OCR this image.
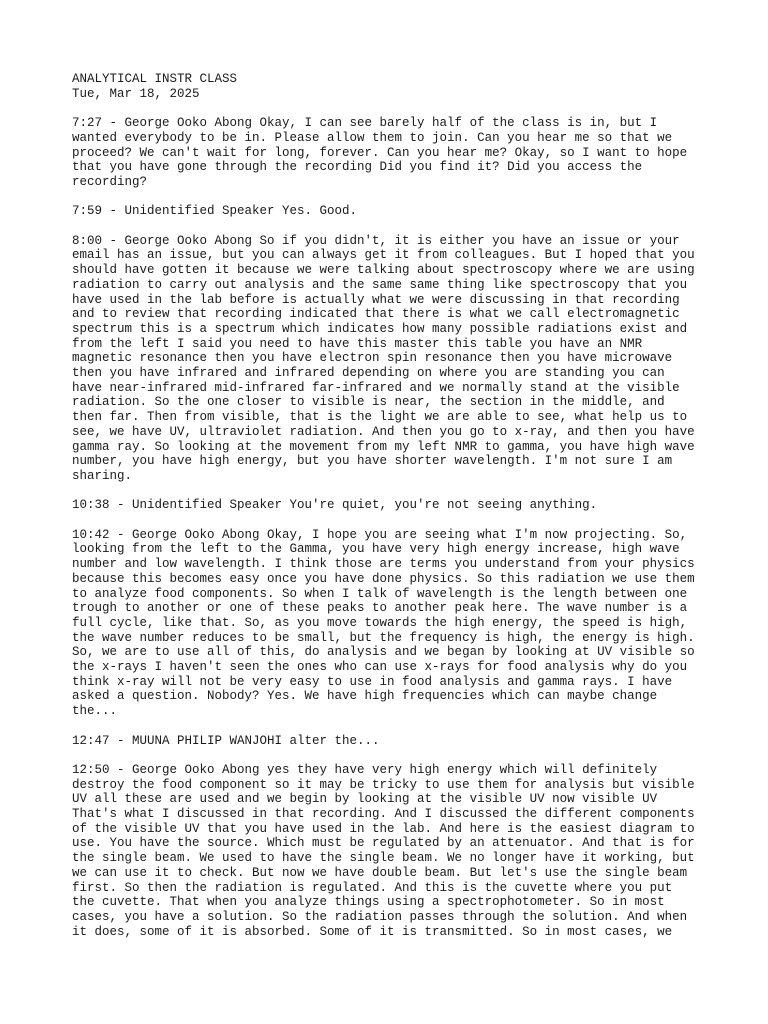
ANALYTICAL INSTR CLASS
Tue, Mar 18, 2025
7:27 - George Ooko Abong Okay, I can see barely half of the class is in, but I
wanted everybody to be in. Please allow them to join. Can you hear me so that we
proceed? We can't wait for long, forever. Can you hear me? Okay, so I want to hope
that you have gone through the recording Did you find it? Did you access the
recording?
7:59 - Unidentified Speaker Yes. Good.
8:00 - George Ooko Abong So if you didn't, it is either you have an issue or your
email has an issue, but you can always get it from colleagues. But I hoped that you
should have gotten it because we were talking about spectroscopy where we are using
radiation to carry out analysis and the same same thing like spectroscopy that you
have used in the lab before is actually what we were discussing in that recording
and to review that recording indicated that there is what we call electromagnetic
spectrum this is a spectrum which indicates how many possible radiations exist and
from the left I said you need to have this master this table you have an NMR
magnetic resonance then you have electron spin resonance then you have microwave
then you have infrared and infrared depending on where you are standing you can
have near-infrared mid-infrared far-infrared and we normally stand at the visible
radiation. So the one closer to visible is near, the section in the middle, and
then far. Then from visible, that is the light we are able to see, what help us to
see, we have UV, ultraviolet radiation. And then you go to x-ray, and then you have
gamma ray. So looking at the movement from my left NMR to gamma, you have high wave
number, you have high energy, but you have shorter wavelength. I'm not sure I am
sharing.
10:38 - Unidentified Speaker You're quiet, you're not seeing anything.
10:42 - George Ooko Abong Okay, I hope you are seeing what I'm now projecting. So,
looking from the left to the Gamma, you have very high energy increase, high wave
number and low wavelength. I think those are terms you understand from your physics
because this becomes easy once you have done physics. So this radiation we use them
to analyze food components. So when I talk of wavelength is the length between one
trough to another or one of these peaks to another peak here. The wave number is a
full cycle, like that. So, as you move towards the high energy, the speed is high,
the wave number reduces to be small, but the frequency is high, the energy is high.
So, we are to use all of this, do analysis and we began by looking at UV visible so
the x-rays I haven't seen the ones who can use x-rays for food analysis why do you
think x-ray will not be very easy to use in food analysis and gamma rays. I have
asked a question. Nobody? Yes. We have high frequencies which can maybe change
the...
12:47 - MUUNA PHILIP WANJOHI alter the...
12:50 - George Ooko Abong yes they have very high energy which will definitely
destroy the food component so it may be tricky to use them for analysis but visible
UV all these are used and we begin by looking at the visible UV now visible UV
That's what I discussed in that recording. And I discussed the different components
of the visible UV that you have used in the lab. And here is the easiest diagram to
use. You have the source. Which must be regulated by an attenuator. And that is for
the single beam. We used to have the single beam. We no longer have it working, but
we can use it to check. But now we have double beam. But let's use the single beam
first. So then the radiation is regulated. And this is the cuvette where you put
the cuvette. That when you analyze things using a spectrophotometer. So in most
cases, you have a solution. So the radiation passes through the solution. And when
it does, some of it is absorbed. Some of it is transmitted. So in most cases, we
